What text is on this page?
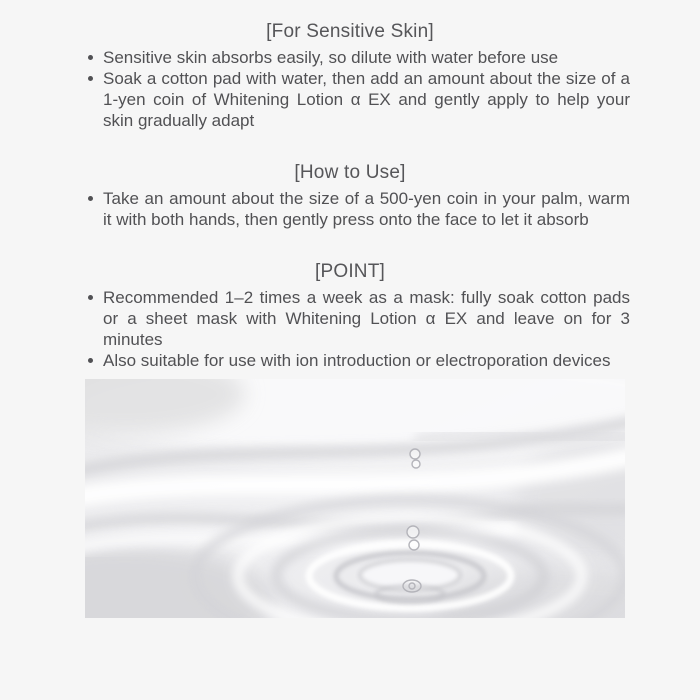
[For Sensitive Skin]
Sensitive skin absorbs easily, so dilute with water before use
Soak a cotton pad with water, then add an amount about the size of a 1-yen coin of Whitening Lotion α EX and gently apply to help your skin gradually adapt
[How to Use]
Take an amount about the size of a 500-yen coin in your palm, warm it with both hands, then gently press onto the face to let it absorb
[POINT]
Recommended 1–2 times a week as a mask: fully soak cotton pads or a sheet mask with Whitening Lotion α EX and leave on for 3 minutes
Also suitable for use with ion introduction or electroporation devices
